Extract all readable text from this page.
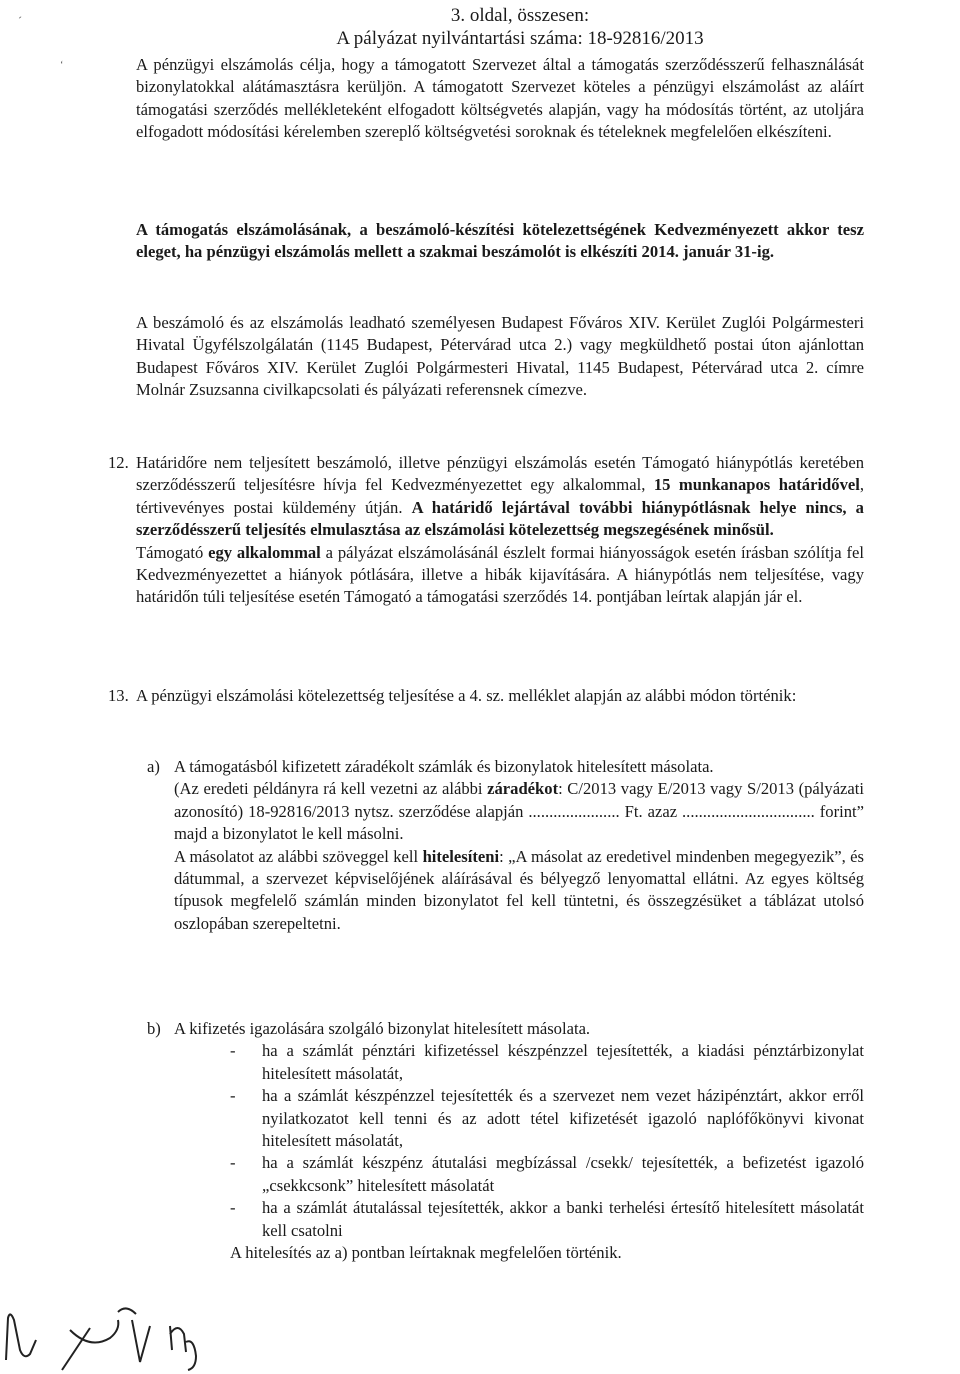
ˊ
‘
3. oldal, összesen:
A pályázat nyilvántartási száma: 18-92816/2013

A pénzügyi elszámolás célja, hogy a támogatott Szervezet által a támogatás szerződésszerű felhasználását bizonylatokkal alátámasztásra kerüljön. A támogatott Szervezet köteles a pénzügyi elszámolást az aláírt támogatási szerződés mellékleteként elfogadott költségvetés alapján, vagy ha módosítás történt, az utoljára elfogadott módosítási kérelemben szereplő költségvetési soroknak és tételeknek megfelelően elkészíteni.

A támogatás elszámolásának, a beszámoló-készítési kötelezettségének Kedvezményezett akkor tesz eleget, ha pénzügyi elszámolás mellett a szakmai beszámolót is elkészíti 2014. január 31-ig.

A beszámoló és az elszámolás leadható személyesen Budapest Főváros XIV. Kerület Zuglói Polgármesteri Hivatal Ügyfélszolgálatán (1145 Budapest, Pétervárad utca 2.) vagy megküldhető postai úton ajánlottan Budapest Főváros XIV. Kerület Zuglói Polgármesteri Hivatal, 1145 Budapest, Pétervárad utca 2. címre Molnár Zsuzsanna civilkapcsolati és pályázati referensnek címezve.

12. Határidőre nem teljesített beszámoló, illetve pénzügyi elszámolás esetén Támogató hiánypótlás keretében szerződésszerű teljesítésre hívja fel Kedvezményezettet egy alkalommal, 15 munkanapos határidővel, tértivevényes postai küldemény útján. A határidő lejártával további hiánypótlásnak helye nincs, a szerződésszerű teljesítés elmulasztása az elszámolási kötelezettség megszegésének minősül.

Támogató egy alkalommal a pályázat elszámolásánál észlelt formai hiányosságok esetén írásban szólítja fel Kedvezményezettet a hiányok pótlására, illetve a hibák kijavítására. A hiánypótlás nem teljesítése, vagy határidőn túli teljesítése esetén Támogató a támogatási szerződés 14. pontjában leírtak alapján jár el.

13. A pénzügyi elszámolási kötelezettség teljesítése a 4. sz. melléklet alapján az alábbi módon történik:

a) A támogatásból kifizetett záradékolt számlák és bizonylatok hitelesített másolata.

(Az eredeti példányra rá kell vezetni az alábbi záradékot: C/2013 vagy E/2013 vagy S/2013 (pályázati azonosító) 18-92816/2013 nytsz. szerződése alapján ...................... Ft. azaz ................................ forint” majd a bizonylatot le kell másolni.

A másolatot az alábbi szöveggel kell hitelesíteni: „A másolat az eredetivel mindenben megegyezik”, és dátummal, a szervezet képviselőjének aláírásával és bélyegző lenyomattal ellátni. Az egyes költség típusok megfelelő számlán minden bizonylatot fel kell tüntetni, és összegzésüket a táblázat utolsó oszlopában szerepeltetni.

b) A kifizetés igazolására szolgáló bizonylat hitelesített másolata.

- ha a számlát pénztári kifizetéssel készpénzzel tejesítették, a kiadási pénztárbizonylat hitelesített másolatát,
- ha a számlát készpénzzel tejesítették és a szervezet nem vezet házipénztárt, akkor erről nyilatkozatot kell tenni és az adott tétel kifizetését igazoló naplófőkönyvi kivonat hitelesített másolatát,
- ha a számlát készpénz átutalási megbízással /csekk/ tejesítették, a befizetést igazoló „csekkcsonk” hitelesített másolatát
- ha a számlát átutalással tejesítették, akkor a banki terhelési értesítő hitelesített másolatát kell csatolni

A hitelesítés az a) pontban leírtaknak megfelelően történik.
